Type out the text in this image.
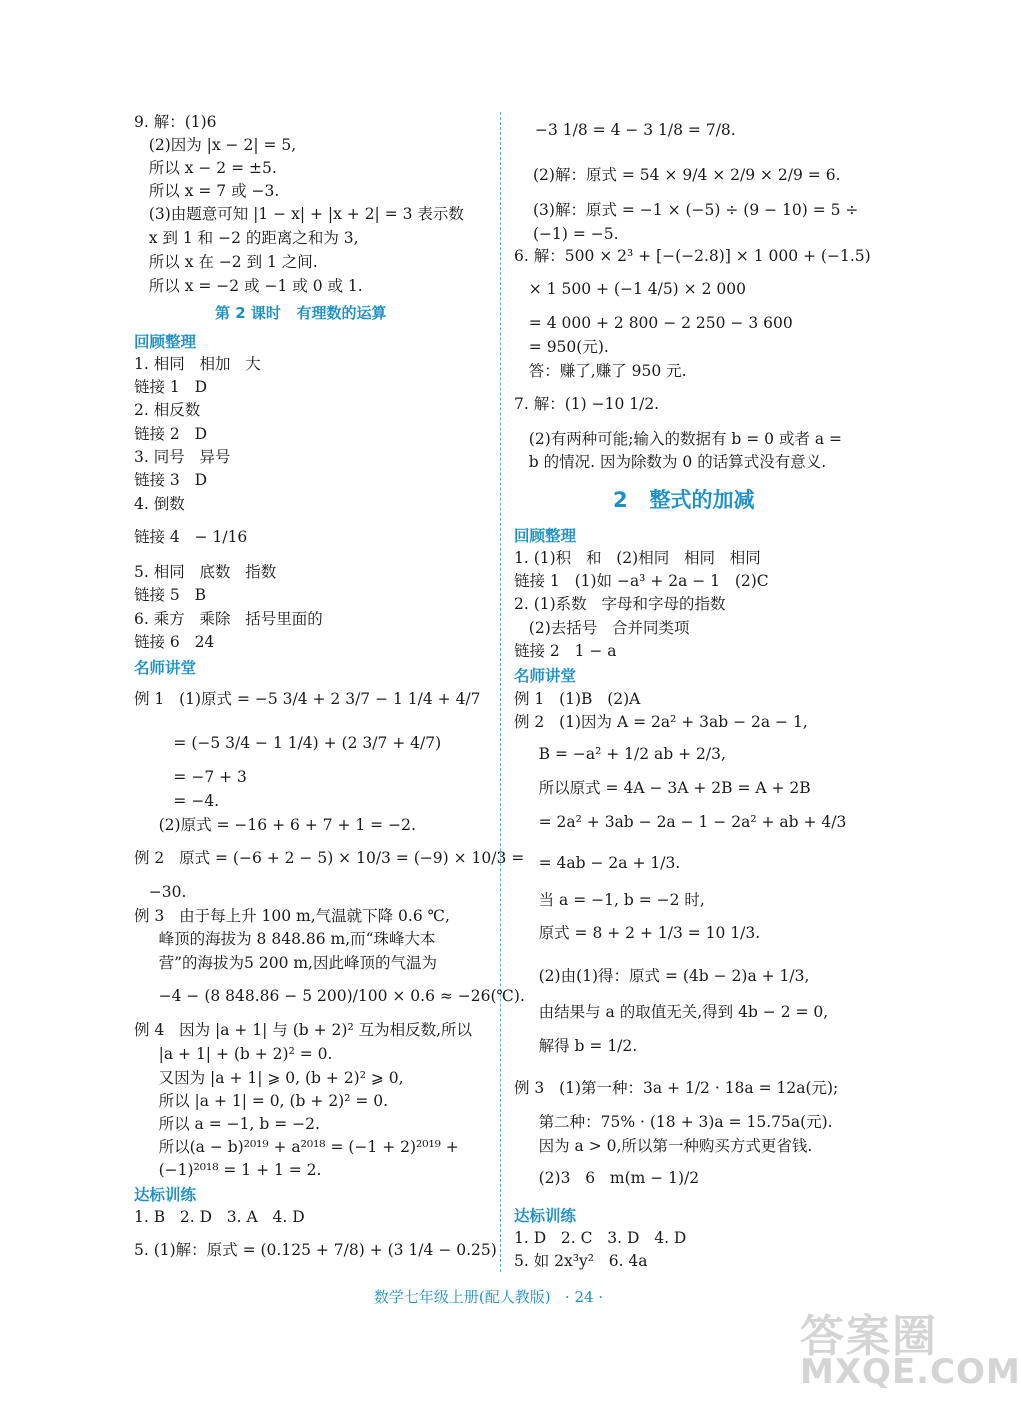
9. 解：(1)6
(2)因为 |x − 2| = 5,
所以 x − 2 = ±5.
所以 x = 7 或 −3.
(3)由题意可知 |1 − x| + |x + 2| = 3 表示数
x 到 1 和 −2 的距离之和为 3,
所以 x 在 −2 到 1 之间.
所以 x = −2 或 −1 或 0 或 1.
第 2 课时   有理数的运算
回顾整理
1. 相同   相加   大
链接 1   D
2. 相反数
链接 2   D
3. 同号   异号
链接 3   D
4. 倒数
链接 4   − 1/16
5. 相同   底数   指数
链接 5   B
6. 乘方   乘除   括号里面的
链接 6   24
名师讲堂
例 1   (1)原式 = −5 3/4 + 2 3/7 − 1 1/4 + 4/7
= (−5 3/4 − 1 1/4) + (2 3/7 + 4/7)
= −7 + 3
= −4.
(2)原式 = −16 + 6 + 7 + 1 = −2.
例 2   原式 = (−6 + 2 − 5) × 10/3 = (−9) × 10/3 =
−30.
例 3   由于每上升 100 m,气温就下降 0.6 ℃,
峰顶的海拔为 8 848.86 m,而“珠峰大本
营”的海拔为5 200 m,因此峰顶的气温为
−4 − (8 848.86 − 5 200)/100 × 0.6 ≈ −26(℃).
例 4   因为 |a + 1| 与 (b + 2)² 互为相反数,所以
|a + 1| + (b + 2)² = 0.
又因为 |a + 1| ⩾ 0, (b + 2)² ⩾ 0,
所以 |a + 1| = 0, (b + 2)² = 0.
所以 a = −1, b = −2.
所以(a − b)²⁰¹⁹ + a²⁰¹⁸ = (−1 + 2)²⁰¹⁹ +
(−1)²⁰¹⁸ = 1 + 1 = 2.
达标训练
1. B   2. D   3. A   4. D
5. (1)解：原式 = (0.125 + 7/8) + (3 1/4 − 0.25)
−3 1/8 = 4 − 3 1/8 = 7/8.
(2)解：原式 = 54 × 9/4 × 2/9 × 2/9 = 6.
(3)解：原式 = −1 × (−5) ÷ (9 − 10) = 5 ÷
(−1) = −5.
6. 解：500 × 2³ + [−(−2.8)] × 1 000 + (−1.5)
× 1 500 + (−1 4/5) × 2 000
= 4 000 + 2 800 − 2 250 − 3 600
= 950(元).
答：赚了,赚了 950 元.
7. 解：(1) −10 1/2.
(2)有两种可能;输入的数据有 b = 0 或者 a =
b 的情况. 因为除数为 0 的话算式没有意义.
2   整式的加减
回顾整理
1. (1)积   和   (2)相同   相同   相同
链接 1   (1)如 −a³ + 2a − 1   (2)C
2. (1)系数   字母和字母的指数
(2)去括号   合并同类项
链接 2   1 − a
名师讲堂
例 1   (1)B   (2)A
例 2   (1)因为 A = 2a² + 3ab − 2a − 1,
B = −a² + 1/2 ab + 2/3,
所以原式 = 4A − 3A + 2B = A + 2B
= 2a² + 3ab − 2a − 1 − 2a² + ab + 4/3
= 4ab − 2a + 1/3.
当 a = −1, b = −2 时,
原式 = 8 + 2 + 1/3 = 10 1/3.
(2)由(1)得：原式 = (4b − 2)a + 1/3,
由结果与 a 的取值无关,得到 4b − 2 = 0,
解得 b = 1/2.
例 3   (1)第一种：3a + 1/2 · 18a = 12a(元);
第二种：75% · (18 + 3)a = 15.75a(元).
因为 a > 0,所以第一种购买方式更省钱.
(2)3   6   m(m − 1)/2
达标训练
1. D   2. C   3. D   4. D
5. 如 2x³y²   6. 4a
数学七年级上册(配人教版)   · 24 ·
答案圈
MXQE.COM
